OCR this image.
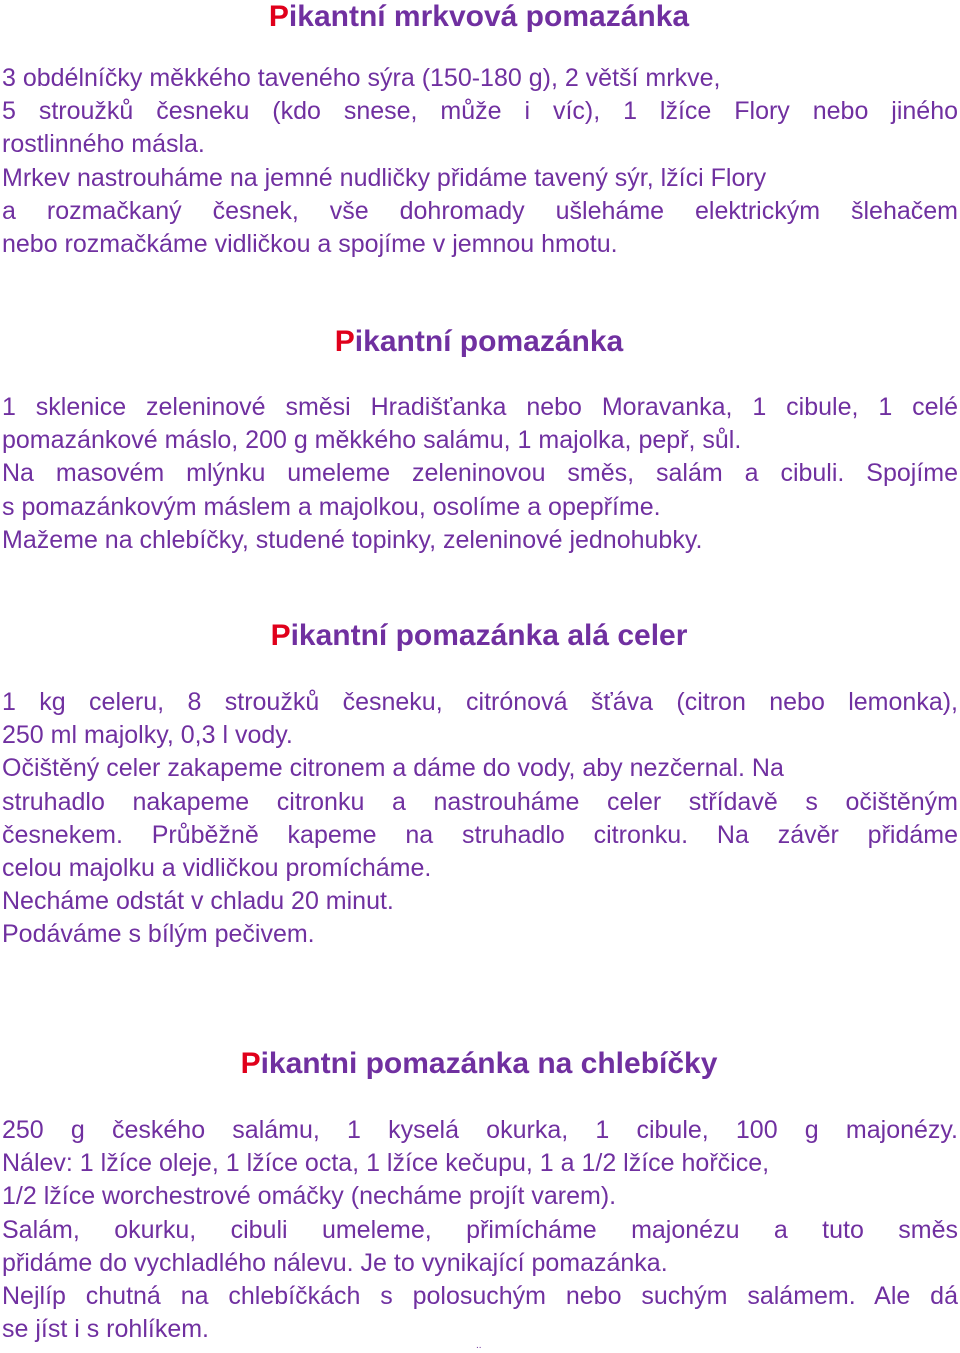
Pikantní mrkvová pomazánka
3 obdélníčky měkkého taveného sýra (150-180 g), 2 větší mrkve,
5 stroužků česneku (kdo snese, může i víc), 1 lžíce Flory nebo jiného
rostlinného másla.
Mrkev nastrouháme na jemné nudličky přidáme tavený sýr, lžíci Flory
a rozmačkaný česnek, vše dohromady ušleháme elektrickým šlehačem
nebo rozmačkáme vidličkou a spojíme v jemnou hmotu.
Pikantní pomazánka
1 sklenice zeleninové směsi Hradišťanka nebo Moravanka, 1 cibule, 1 celé
pomazánkové máslo, 200 g měkkého salámu, 1 majolka, pepř, sůl.
Na masovém mlýnku umeleme zeleninovou směs, salám a cibuli. Spojíme
s pomazánkovým máslem a majolkou, osolíme a opepříme.
Mažeme na chlebíčky, studené topinky, zeleninové jednohubky.
Pikantní pomazánka alá celer
1 kg celeru, 8 stroužků česneku, citrónová šťáva (citron nebo lemonka),
250 ml majolky, 0,3 l vody.
Očištěný celer zakapeme citronem a dáme do vody, aby nezčernal. Na
struhadlo nakapeme citronku a nastrouháme celer střídavě s očištěným
česnekem. Průběžně kapeme na struhadlo citronku. Na závěr přidáme
celou majolku a vidličkou promícháme.
Necháme odstát v chladu 20 minut.
Podáváme s bílým pečivem.
Pikantni pomazánka na chlebíčky
250 g českého salámu, 1 kyselá okurka, 1 cibule, 100 g majonézy.
Nálev: 1 lžíce oleje, 1 lžíce octa, 1 lžíce kečupu, 1 a 1/2 lžíce hořčice,
1/2 lžíce worchestrové omáčky (necháme projít varem).
Salám, okurku, cibuli umeleme, přimícháme majonézu a tuto směs
přidáme do vychladlého nálevu. Je to vynikající pomazánka.
Nejlíp chutná na chlebíčkách s polosuchým nebo suchým salámem. Ale dá
se jíst i s rohlíkem.
..
